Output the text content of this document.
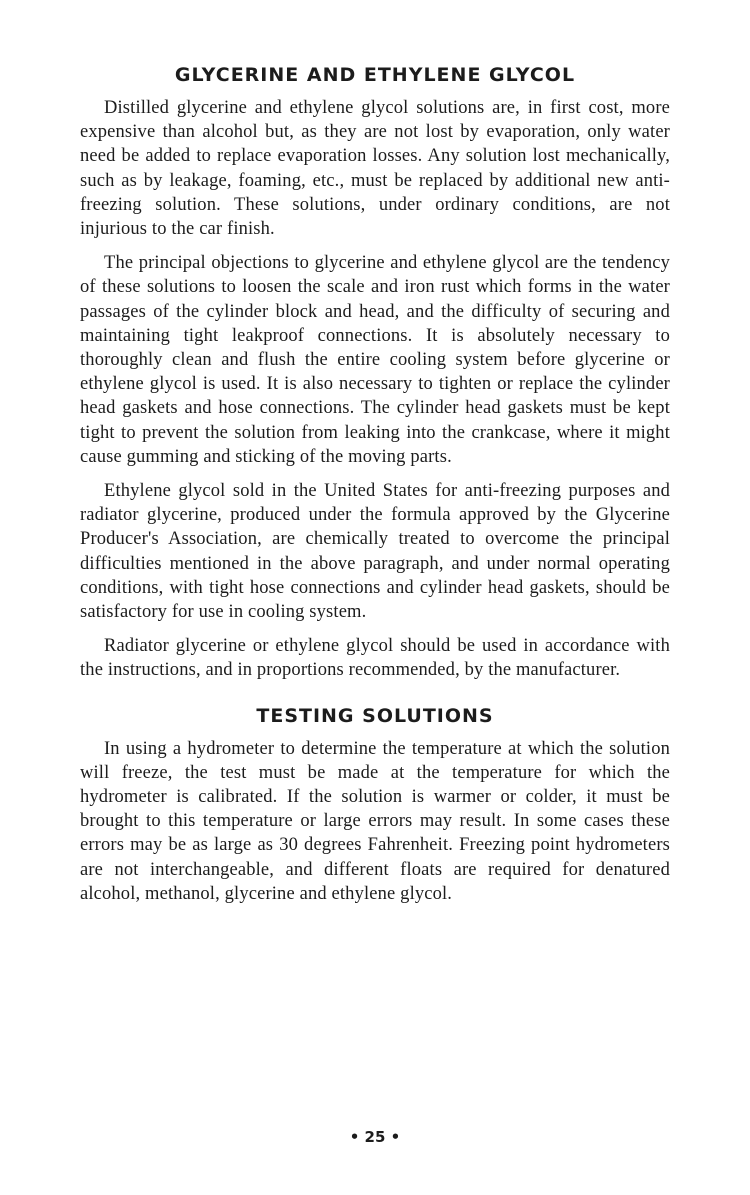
GLYCERINE AND ETHYLENE GLYCOL

Distilled glycerine and ethylene glycol solutions are, in first cost, more expensive than alcohol but, as they are not lost by evaporation, only water need be added to replace evaporation losses. Any solution lost mechanically, such as by leakage, foaming, etc., must be replaced by additional new anti-freezing solution. These solutions, under ordinary conditions, are not injurious to the car finish.

The principal objections to glycerine and ethylene glycol are the tendency of these solutions to loosen the scale and iron rust which forms in the water passages of the cylinder block and head, and the difficulty of securing and maintaining tight leakproof connections. It is absolutely necessary to thoroughly clean and flush the entire cooling system before glycerine or ethylene glycol is used. It is also necessary to tighten or replace the cylinder head gaskets and hose connections. The cylinder head gaskets must be kept tight to prevent the solution from leaking into the crankcase, where it might cause gumming and sticking of the moving parts.

Ethylene glycol sold in the United States for anti-freezing purposes and radiator glycerine, produced under the formula approved by the Glycerine Producer's Association, are chemically treated to overcome the principal difficulties mentioned in the above paragraph, and under normal operating conditions, with tight hose connections and cylinder head gaskets, should be satisfactory for use in cooling system.

Radiator glycerine or ethylene glycol should be used in accordance with the instructions, and in proportions recommended, by the manufacturer.

TESTING SOLUTIONS

In using a hydrometer to determine the temperature at which the solution will freeze, the test must be made at the temperature for which the hydrometer is calibrated. If the solution is warmer or colder, it must be brought to this temperature or large errors may result. In some cases these errors may be as large as 30 degrees Fahrenheit. Freezing point hydrometers are not interchangeable, and different floats are required for denatured alcohol, methanol, glycerine and ethylene glycol.

• 25 •
